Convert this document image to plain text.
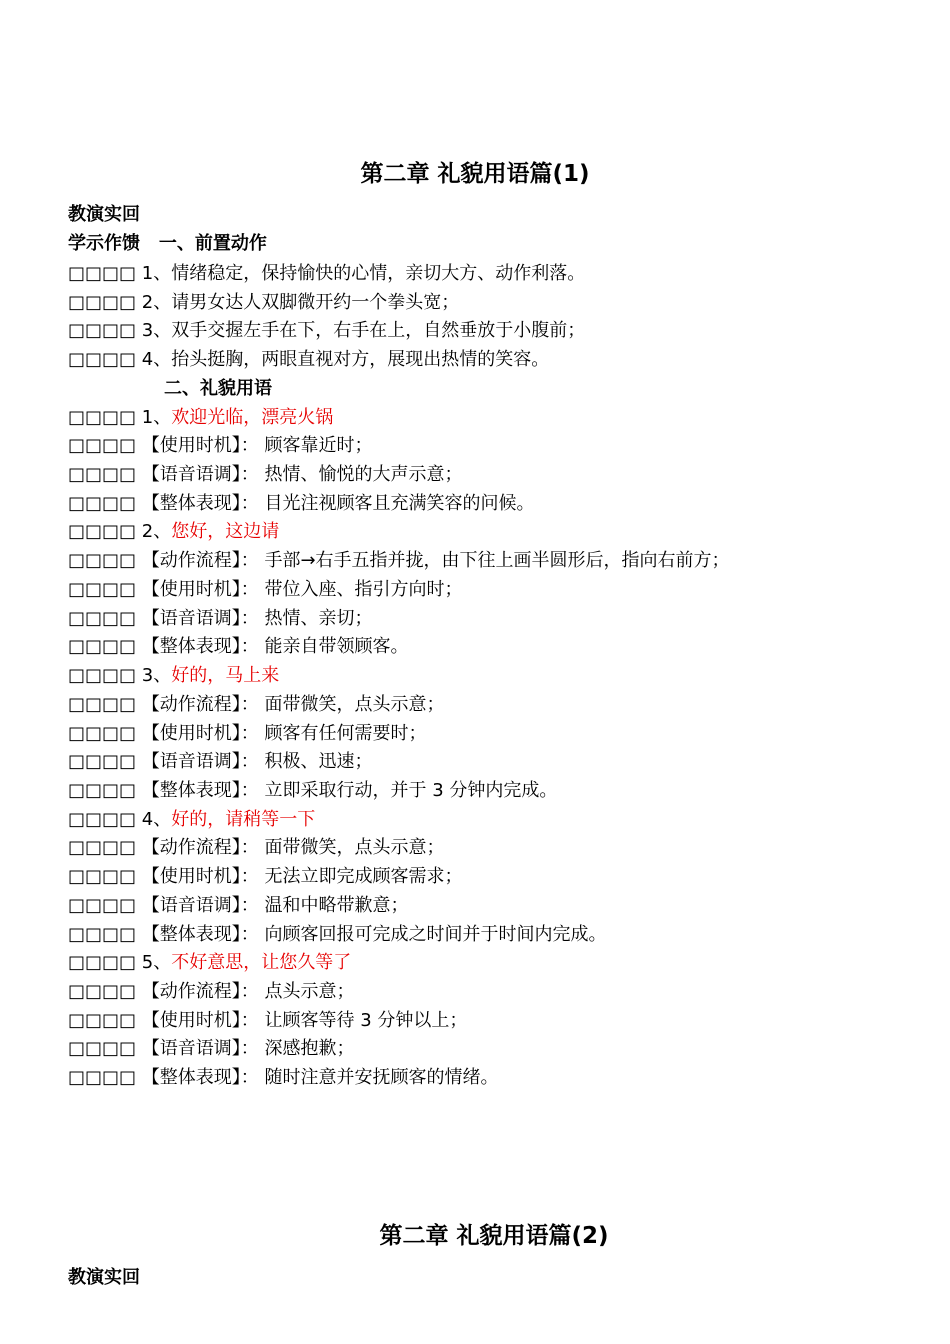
第二章 礼貌用语篇(1)
教演实回
学示作馈 一、前置动作
□□□□ 1、情绪稳定，保持愉快的心情，亲切大方、动作利落。
□□□□ 2、请男女达人双脚微开约一个拳头宽；
□□□□ 3、双手交握左手在下，右手在上，自然垂放于小腹前；
□□□□ 4、抬头挺胸，两眼直视对方，展现出热情的笑容。
二、礼貌用语
□□□□ 1、欢迎光临，漂亮火锅
□□□□ 【使用时机】： 顾客靠近时；
□□□□ 【语音语调】： 热情、愉悦的大声示意；
□□□□ 【整体表现】： 目光注视顾客且充满笑容的问候。
□□□□ 2、您好，这边请
□□□□ 【动作流程】： 手部→右手五指并拢，由下往上画半圆形后，指向右前方；
□□□□ 【使用时机】： 带位入座、指引方向时；
□□□□ 【语音语调】： 热情、亲切；
□□□□ 【整体表现】： 能亲自带领顾客。
□□□□ 3、好的，马上来
□□□□ 【动作流程】： 面带微笑，点头示意；
□□□□ 【使用时机】： 顾客有任何需要时；
□□□□ 【语音语调】： 积极、迅速；
□□□□ 【整体表现】： 立即采取行动，并于 3 分钟内完成。
□□□□ 4、好的，请稍等一下
□□□□ 【动作流程】： 面带微笑，点头示意；
□□□□ 【使用时机】： 无法立即完成顾客需求；
□□□□ 【语音语调】： 温和中略带歉意；
□□□□ 【整体表现】： 向顾客回报可完成之时间并于时间内完成。
□□□□ 5、不好意思，让您久等了
□□□□ 【动作流程】： 点头示意；
□□□□ 【使用时机】： 让顾客等待 3 分钟以上；
□□□□ 【语音语调】： 深感抱歉；
□□□□ 【整体表现】： 随时注意并安抚顾客的情绪。
第二章 礼貌用语篇(2)
教演实回
